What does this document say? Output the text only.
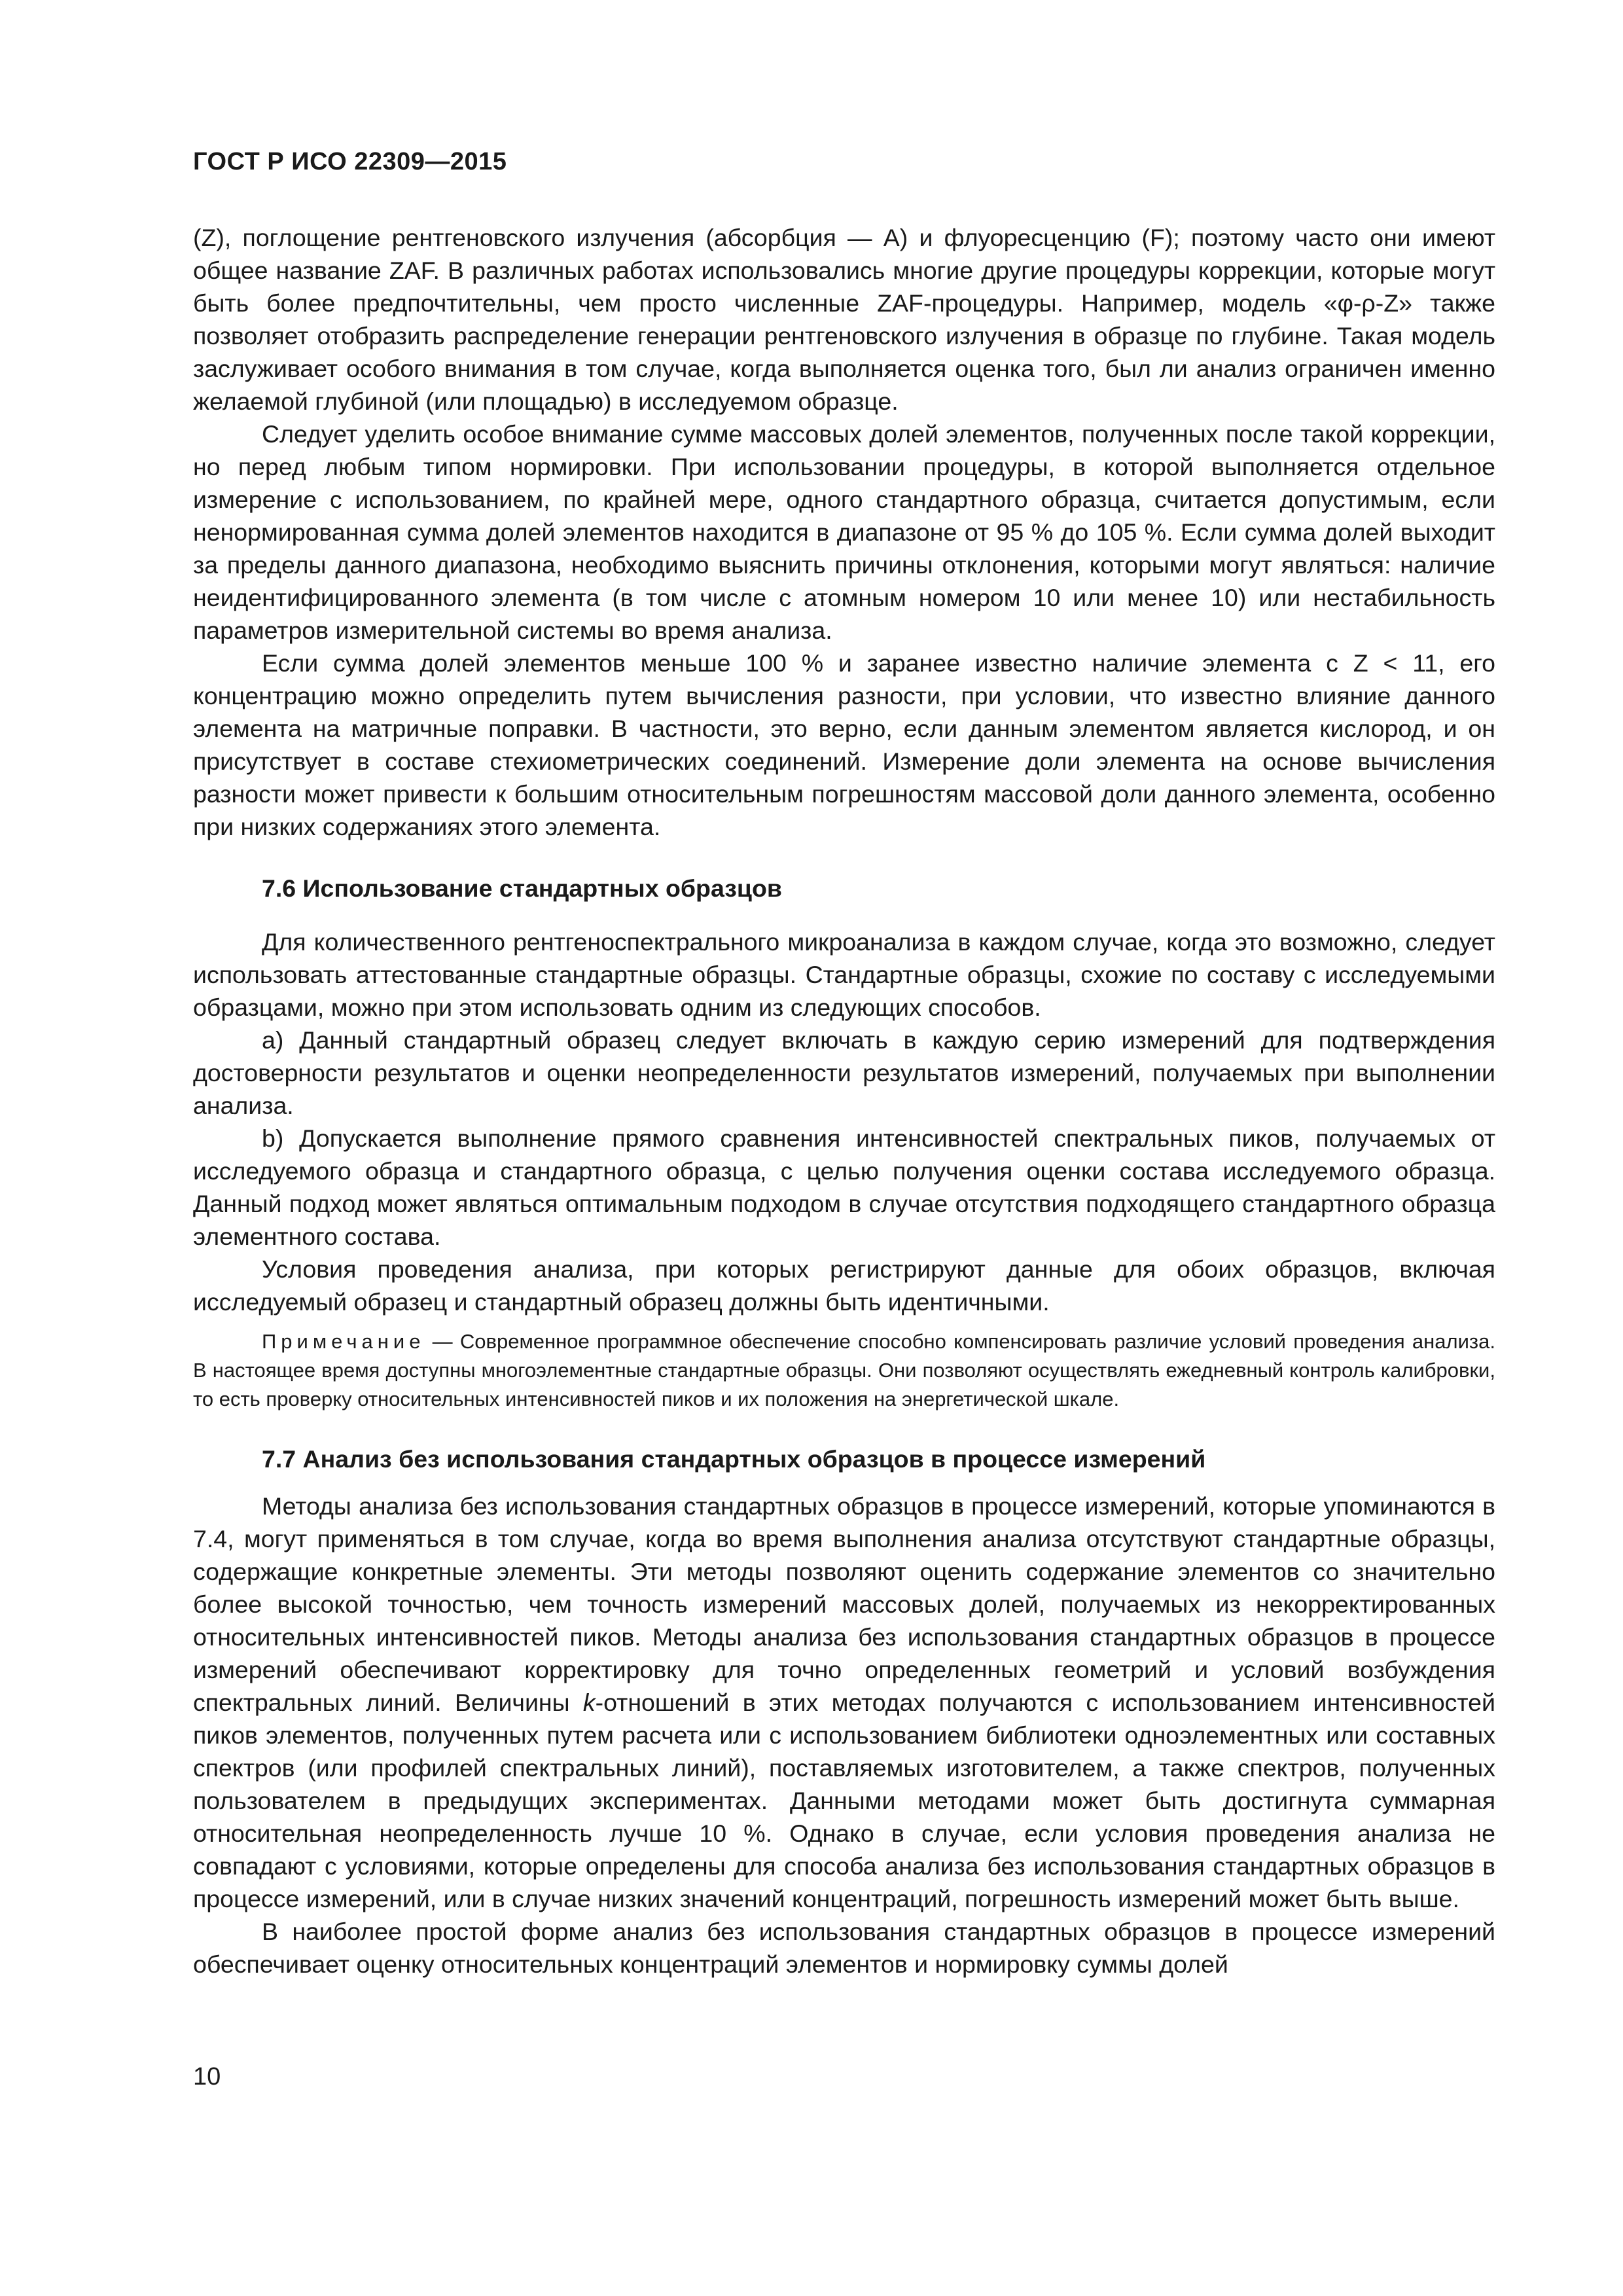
ГОСТ Р ИСО 22309—2015

(Z), поглощение рентгеновского излучения (абсорбция — А) и флуоресценцию (F); поэтому часто они имеют общее название ZAF. В различных работах использовались многие другие процедуры коррекции, которые могут быть более предпочтительны, чем просто численные ZAF-процедуры. Например, модель «φ-ρ-Z» также позволяет отобразить распределение генерации рентгеновского излучения в образце по глубине. Такая модель заслуживает особого внимания в том случае, когда выполняется оценка того, был ли анализ ограничен именно желаемой глубиной (или площадью) в исследуемом образце.

Следует уделить особое внимание сумме массовых долей элементов, полученных после такой коррекции, но перед любым типом нормировки. При использовании процедуры, в которой выполняется отдельное измерение с использованием, по крайней мере, одного стандартного образца, считается допустимым, если ненормированная сумма долей элементов находится в диапазоне от 95 % до 105 %. Если сумма долей выходит за пределы данного диапазона, необходимо выяснить причины отклонения, которыми могут являться: наличие неидентифицированного элемента (в том числе с атомным номером 10 или менее 10) или нестабильность параметров измерительной системы во время анализа.

Если сумма долей элементов меньше 100 % и заранее известно наличие элемента с Z < 11, его концентрацию можно определить путем вычисления разности, при условии, что известно влияние данного элемента на матричные поправки. В частности, это верно, если данным элементом является кислород, и он присутствует в составе стехиометрических соединений. Измерение доли элемента на основе вычисления разности может привести к большим относительным погрешностям массовой доли данного элемента, особенно при низких содержаниях этого элемента.

7.6 Использование стандартных образцов

Для количественного рентгеноспектрального микроанализа в каждом случае, когда это возможно, следует использовать аттестованные стандартные образцы. Стандартные образцы, схожие по составу с исследуемыми образцами, можно при этом использовать одним из следующих способов.

a) Данный стандартный образец следует включать в каждую серию измерений для подтверждения достоверности результатов и оценки неопределенности результатов измерений, получаемых при выполнении анализа.

b) Допускается выполнение прямого сравнения интенсивностей спектральных пиков, получаемых от исследуемого образца и стандартного образца, с целью получения оценки состава исследуемого образца. Данный подход может являться оптимальным подходом в случае отсутствия подходящего стандартного образца элементного состава.

Условия проведения анализа, при которых регистрируют данные для обоих образцов, включая исследуемый образец и стандартный образец должны быть идентичными.

Примечание — Современное программное обеспечение способно компенсировать различие условий проведения анализа. В настоящее время доступны многоэлементные стандартные образцы. Они позволяют осуществлять ежедневный контроль калибровки, то есть проверку относительных интенсивностей пиков и их положения на энергетической шкале.

7.7 Анализ без использования стандартных образцов в процессе измерений

Методы анализа без использования стандартных образцов в процессе измерений, которые упоминаются в 7.4, могут применяться в том случае, когда во время выполнения анализа отсутствуют стандартные образцы, содержащие конкретные элементы. Эти методы позволяют оценить содержание элементов со значительно более высокой точностью, чем точность измерений массовых долей, получаемых из некорректированных относительных интенсивностей пиков. Методы анализа без использования стандартных образцов в процессе измерений обеспечивают корректировку для точно определенных геометрий и условий возбуждения спектральных линий. Величины k-отношений в этих методах получаются с использованием интенсивностей пиков элементов, полученных путем расчета или с использованием библиотеки одноэлементных или составных спектров (или профилей спектральных линий), поставляемых изготовителем, а также спектров, полученных пользователем в предыдущих экспериментах. Данными методами может быть достигнута суммарная относительная неопределенность лучше 10 %. Однако в случае, если условия проведения анализа не совпадают с условиями, которые определены для способа анализа без использования стандартных образцов в процессе измерений, или в случае низких значений концентраций, погрешность измерений может быть выше.

В наиболее простой форме анализ без использования стандартных образцов в процессе измерений обеспечивает оценку относительных концентраций элементов и нормировку суммы долей

10
